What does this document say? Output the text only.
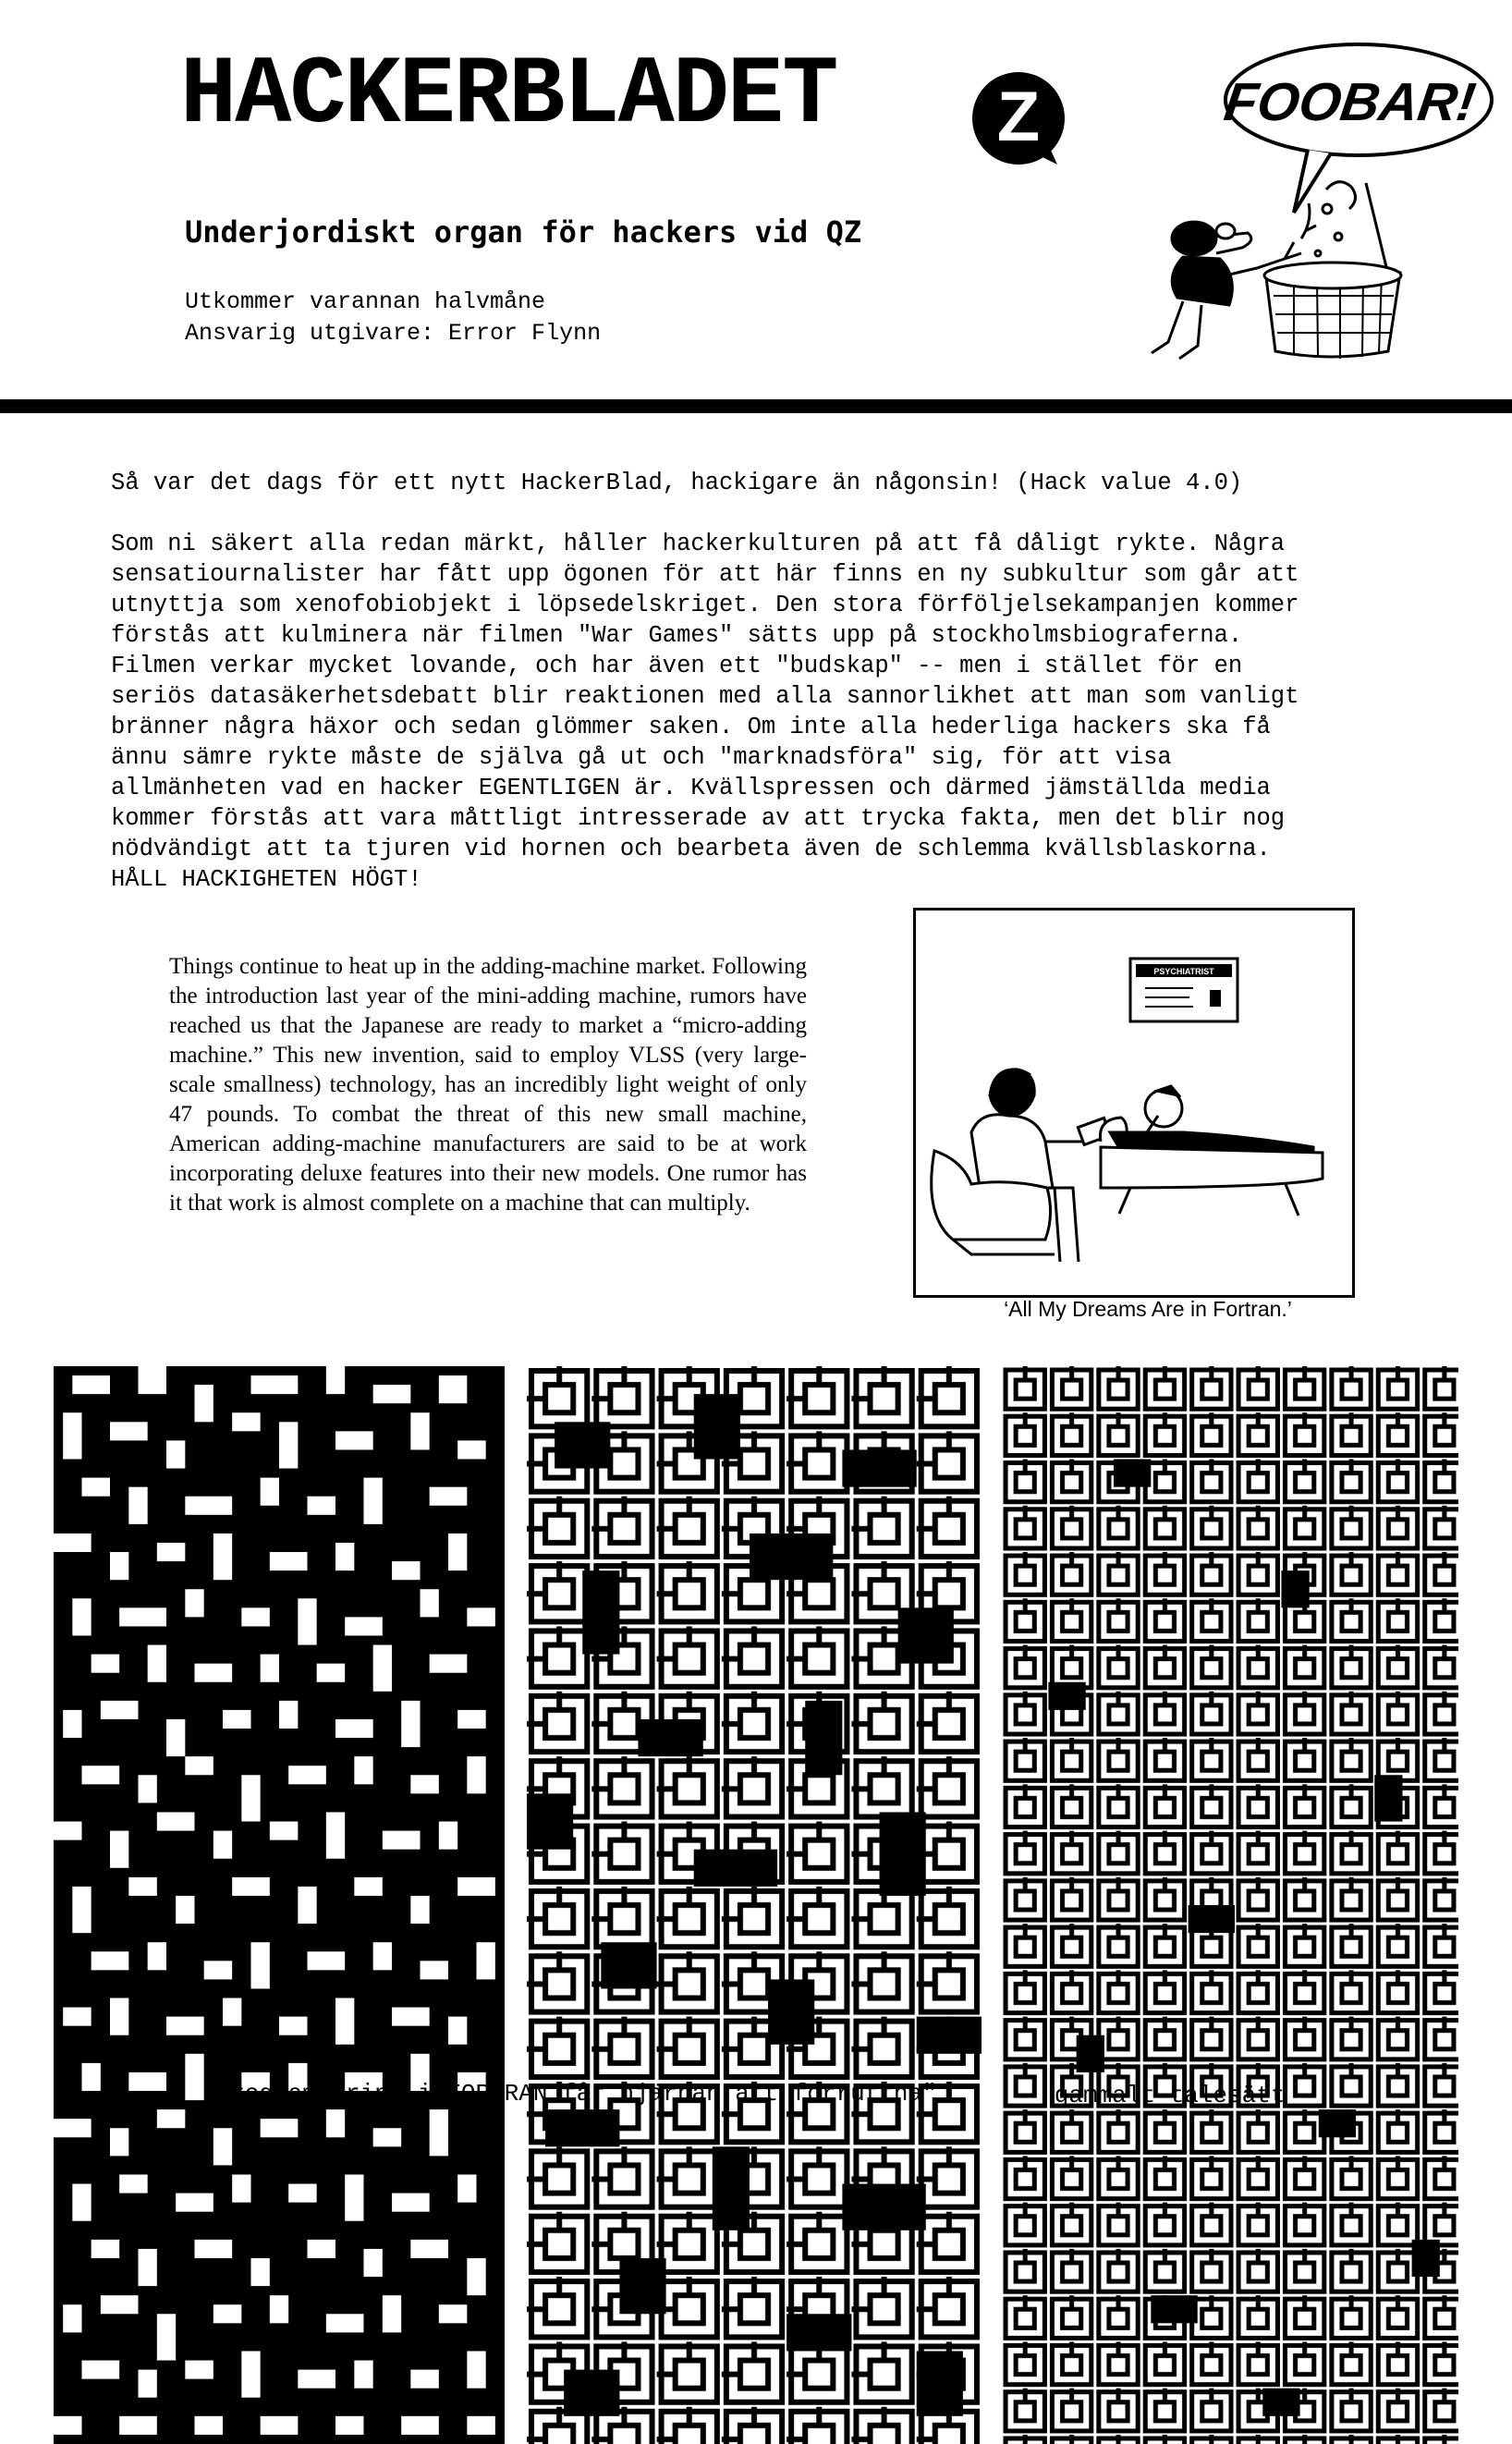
HACKERBLADET Z	FOOBAR!
Underjordiskt organ för hackers vid QZ
Utkommer varannan halvmåne
Ansvarig utgivare: Error Flynn
Så var det dags för ett nytt HackerBlad, hackigare än någonsin! (Hack value 4.0)
Som ni säkert alla redan märkt, håller hackerkulturen på att få dåligt rykte. Några
sensatiournalister har fått upp ögonen för att här finns en ny subkultur som går att
utnyttja som xenofobiobjekt i löpsedelskriget. Den stora förföljelsekampanjen kommer
förstås att kulminera när filmen "War Games" sätts upp på stockholmsbiograferna.
Filmen verkar mycket lovande, och har även ett "budskap" -- men i stället för en
seriös datasäkerhetsdebatt blir reaktionen med alla sannorlikhet att man som vanligt
bränner några häxor och sedan glömmer saken. Om inte alla hederliga hackers ska få
ännu sämre rykte måste de själva gå ut och "marknadsföra" sig, för att visa
allmänheten vad en hacker EGENTLIGEN är. Kvällspressen och därmed jämställda media
kommer förstås att vara måttligt intresserade av att trycka fakta, men det blir nog
nödvändigt att ta tjuren vid hornen och bearbeta även de schlemma kvällsblaskorna.
HÅLL HACKIGHETEN HÖGT!
Things continue to heat up in the adding-machine market. Following the introduction last year of the mini-adding machine, rumors have reached us that the Japanese are ready to market a “micro-adding machine.” This new invention, said to employ VLSS (very large-scale smallness) technology, has an incredibly light weight of only 47 pounds. To combat the threat of this new small machine, American adding-machine manufacturers are said to be at work incorporating deluxe features into their new models. One rumor has it that work is almost complete on a machine that can multiply.
PSYCHIATRIST
‘All My Dreams Are in Fortran.’
"Programmering i FORTRAN får hjärnan att förruttna"	-- gammalt talesätt
